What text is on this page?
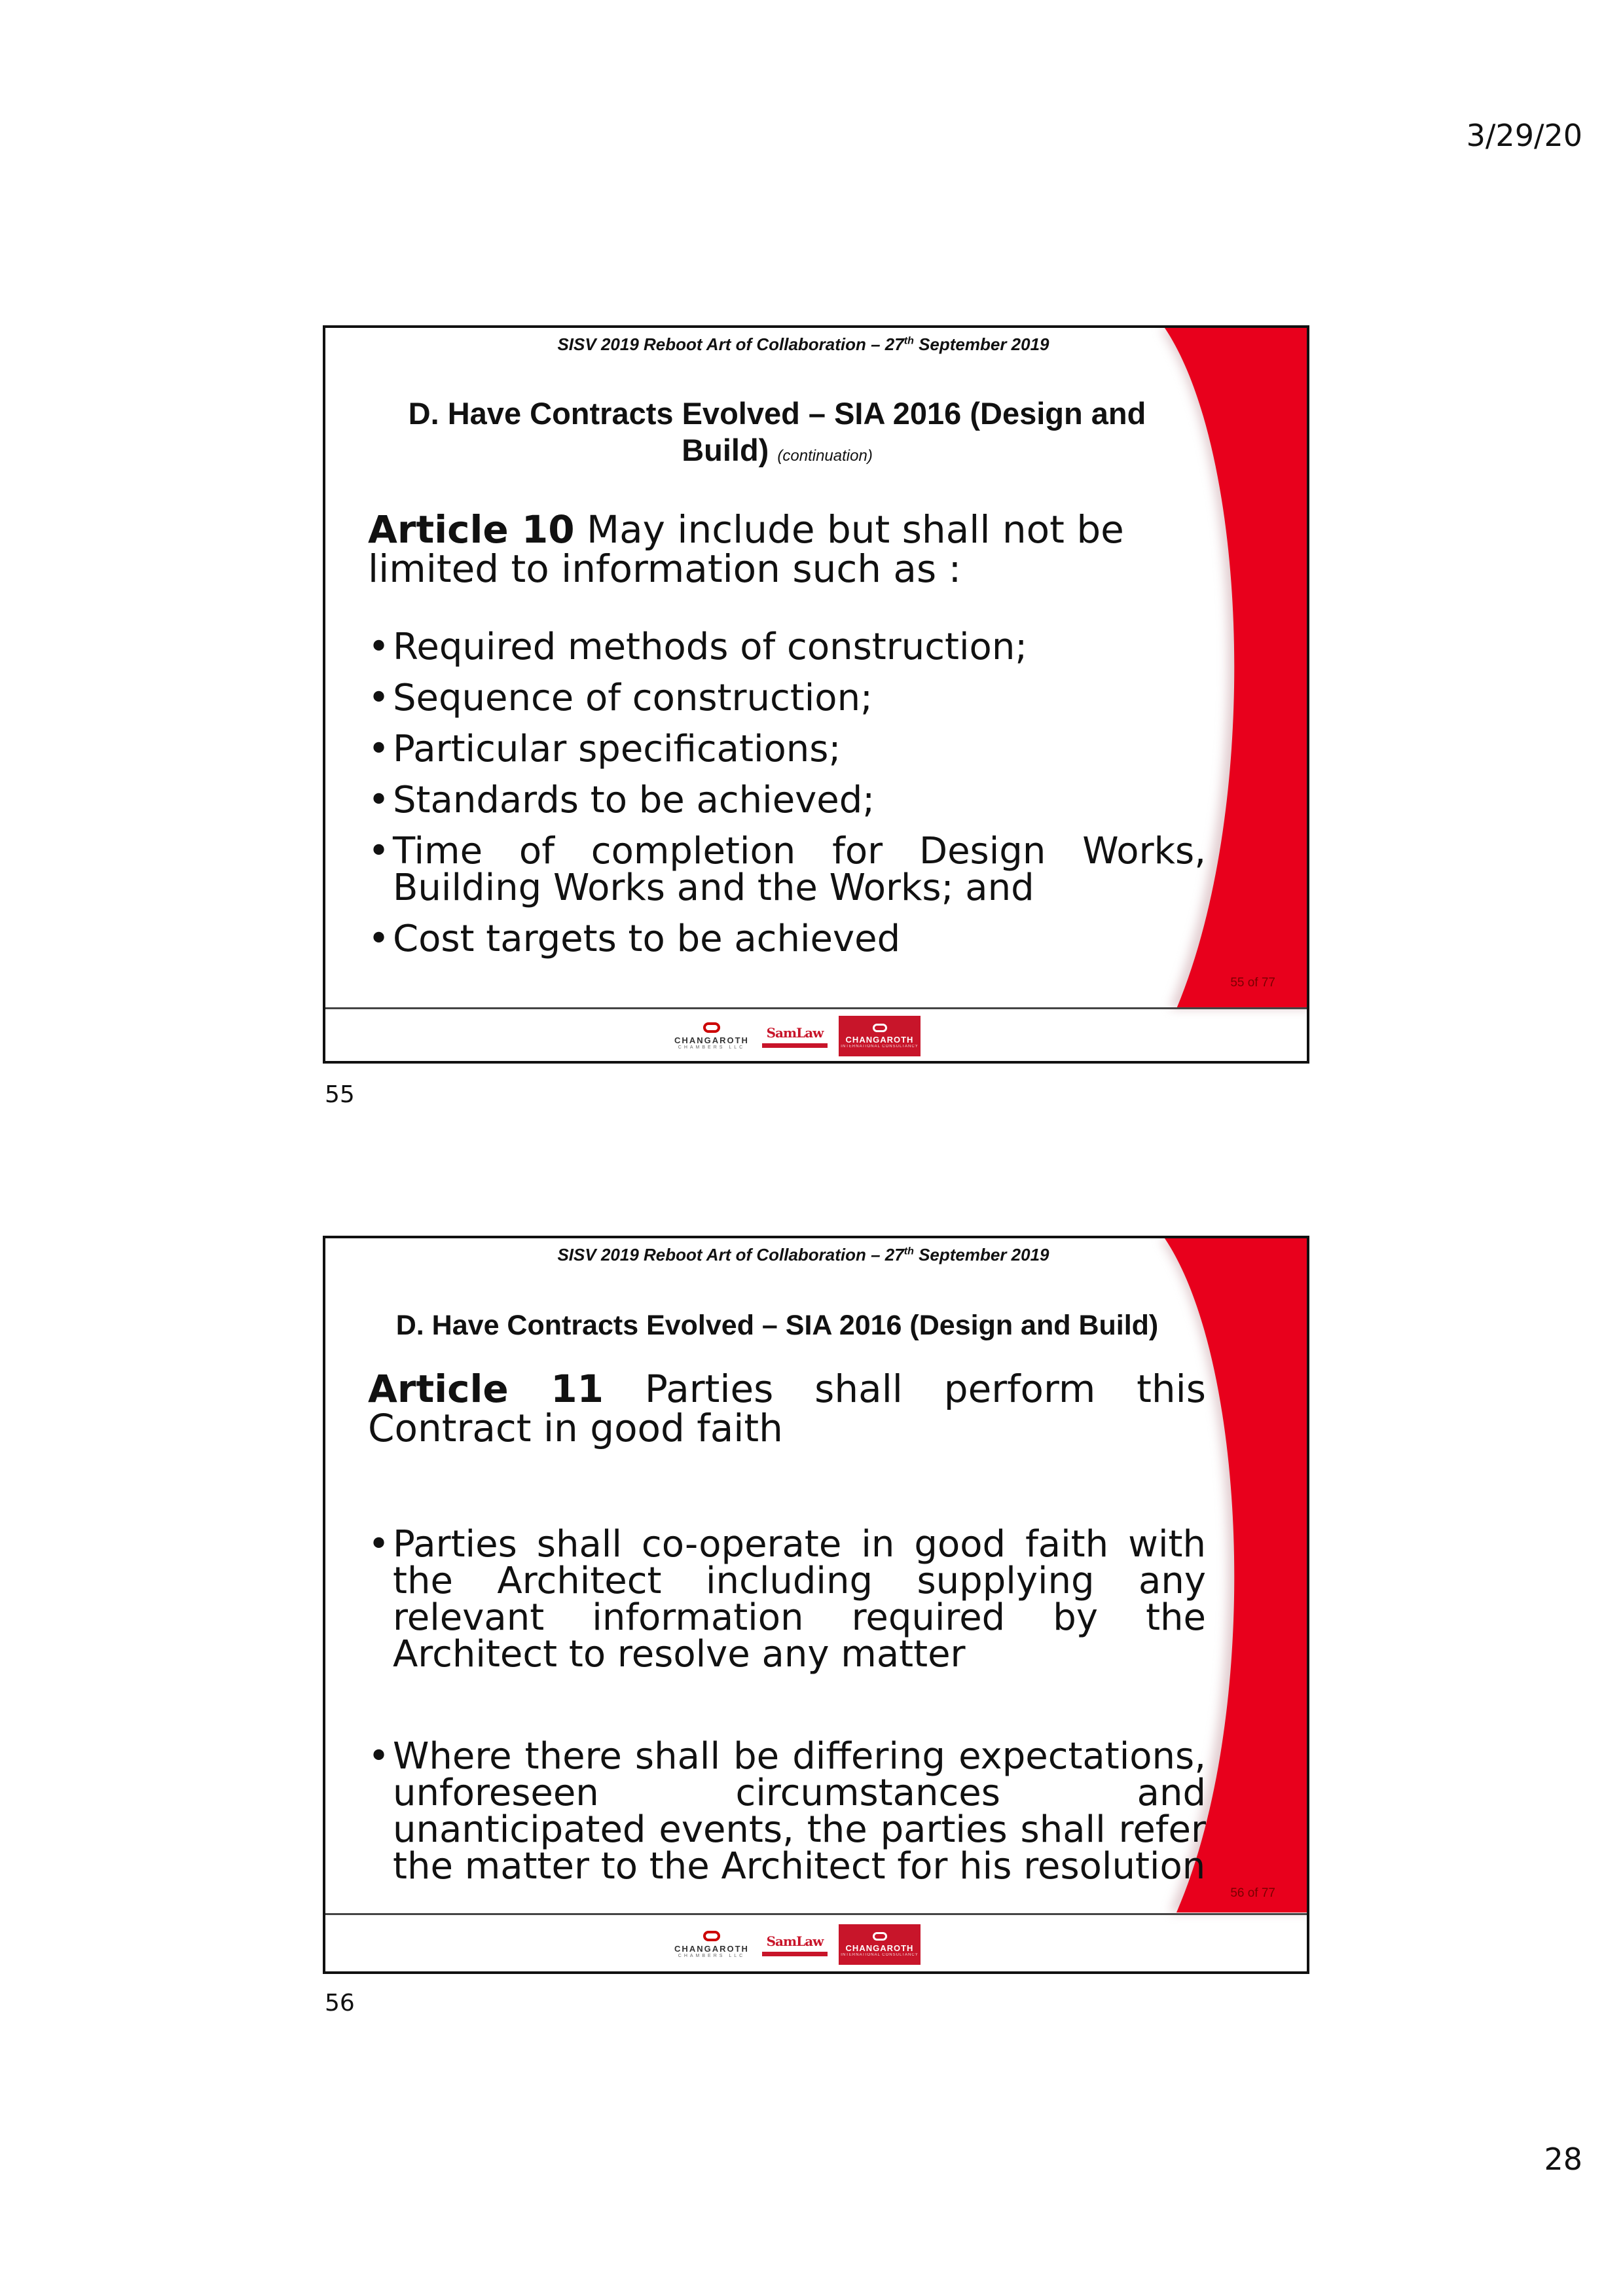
3/29/20
SISV 2019 Reboot Art of Collaboration – 27th September 2019
D. Have Contracts Evolved – SIA 2016 (Design and
Build) (continuation)
Article 10 May include but shall not be limited to information such as :
• Required methods of construction;
• Sequence of construction;
• Particular specifications;
• Standards to be achieved;
• Time of completion for Design Works, Building Works and the Works; and
• Cost targets to be achieved
55 of 77
CHANGAROTH
CHAMBERS LLC
SamLaw	CHANGAROTH
INTERNATIONAL CONSULTANCY
55
SISV 2019 Reboot Art of Collaboration – 27th September 2019
D. Have Contracts Evolved – SIA 2016 (Design and Build)
Article 11 Parties shall perform this Contract in good faith
• Parties shall co-operate in good faith with the Architect including supplying any relevant information required by the Architect to resolve any matter
• Where there shall be differing expectations, unforeseen circumstances and unanticipated events, the parties shall refer the matter to the Architect for his resolution
56 of 77
CHANGAROTH
CHAMBERS LLC
SamLaw	CHANGAROTH
INTERNATIONAL CONSULTANCY
56
28
